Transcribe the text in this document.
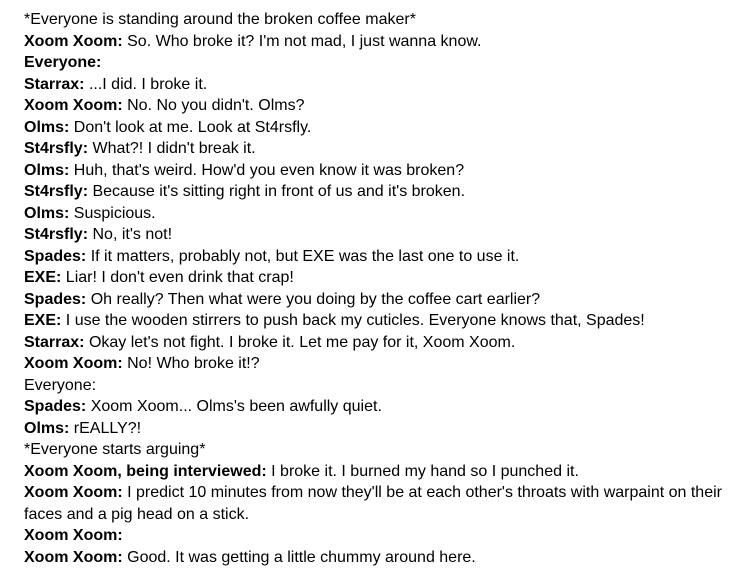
*Everyone is standing around the broken coffee maker*

Xoom Xoom: So. Who broke it? I'm not mad, I just wanna know.

Everyone:

Starrax: ...I did. I broke it.

Xoom Xoom: No. No you didn't. Olms?

Olms: Don't look at me. Look at St4rsfly.

St4rsfly: What?! I didn't break it.

Olms: Huh, that's weird. How'd you even know it was broken?

St4rsfly: Because it's sitting right in front of us and it's broken.

Olms: Suspicious.

St4rsfly: No, it's not!

Spades: If it matters, probably not, but EXE was the last one to use it.

EXE: Liar! I don't even drink that crap!

Spades: Oh really? Then what were you doing by the coffee cart earlier?

EXE: I use the wooden stirrers to push back my cuticles. Everyone knows that, Spades!

Starrax: Okay let's not fight. I broke it. Let me pay for it, Xoom Xoom.

Xoom Xoom: No! Who broke it!?

Everyone:

Spades: Xoom Xoom... Olms's been awfully quiet.

Olms: rEALLY?!

*Everyone starts arguing*

Xoom Xoom, being interviewed: I broke it. I burned my hand so I punched it.

Xoom Xoom: I predict 10 minutes from now they'll be at each other's throats with warpaint on their faces and a pig head on a stick.

Xoom Xoom:

Xoom Xoom: Good. It was getting a little chummy around here.
